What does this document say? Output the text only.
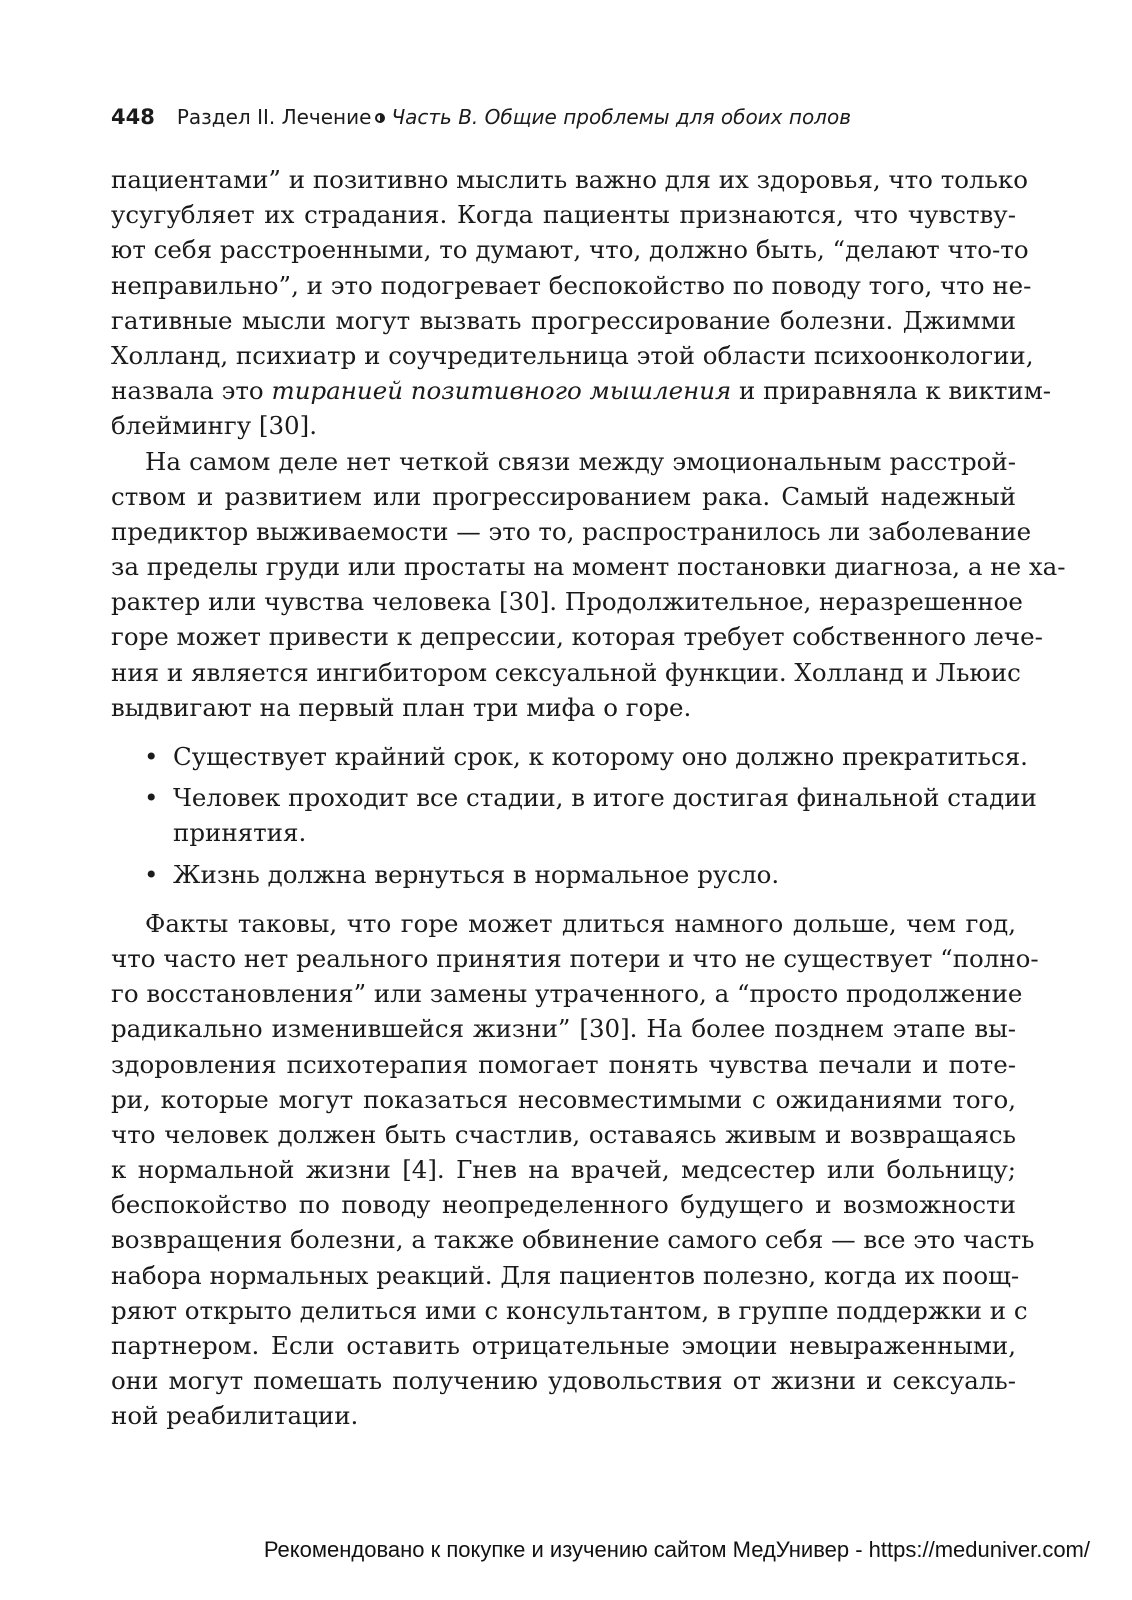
448 Раздел II. Лечение Часть В. Общие проблемы для обоих полов
пациентами” и позитивно мыслить важно для их здоровья, что только
усугубляет их страдания. Когда пациенты признаются, что чувству-
ют себя расстроенными, то думают, что, должно быть, “делают что-то
неправильно”, и это подогревает беспокойство по поводу того, что не-
гативные мысли могут вызвать прогрессирование болезни. Джимми
Холланд, психиатр и соучредительница этой области психоонкологии,
назвала это тиранией позитивного мышления и приравняла к виктим-
блеймингу [30].
На самом деле нет четкой связи между эмоциональным расстрой-
ством и развитием или прогрессированием рака. Самый надежный
предиктор выживаемости — это то, распространилось ли заболевание
за пределы груди или простаты на момент постановки диагноза, а не ха-
рактер или чувства человека [30]. Продолжительное, неразрешенное
горе может привести к депрессии, которая требует собственного лече-
ния и является ингибитором сексуальной функции. Холланд и Льюис
выдвигают на первый план три мифа о горе.
• Существует крайний срок, к которому оно должно прекратиться.
• Человек проходит все стадии, в итоге достигая финальной стадии
принятия.
• Жизнь должна вернуться в нормальное русло.
Факты таковы, что горе может длиться намного дольше, чем год,
что часто нет реального принятия потери и что не существует “полно-
го восстановления” или замены утраченного, а “просто продолжение
радикально изменившейся жизни” [30]. На более позднем этапе вы-
здоровления психотерапия помогает понять чувства печали и поте-
ри, которые могут показаться несовместимыми с ожиданиями того,
что человек должен быть счастлив, оставаясь живым и возвращаясь
к нормальной жизни [4]. Гнев на врачей, медсестер или больницу;
беспокойство по поводу неопределенного будущего и возможности
возвращения болезни, а также обвинение самого себя — все это часть
набора нормальных реакций. Для пациентов полезно, когда их поощ-
ряют открыто делиться ими с консультантом, в группе поддержки и с
партнером. Если оставить отрицательные эмоции невыраженными,
они могут помешать получению удовольствия от жизни и сексуаль-
ной реабилитации.
Рекомендовано к покупке и изучению сайтом МедУнивер - https://meduniver.com/
